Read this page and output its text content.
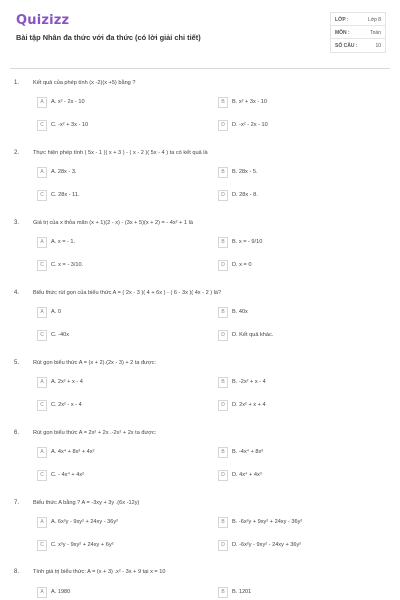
Quizizz
Bài tập Nhân đa thức với đa thức (có lời giải chi tiết)
LỚP :	Lớp 8
MÔN :	Toán
SỐ CÂU :	10
1. Kết quả của phép tính (x -2)(x +5) bằng ?
A	A. x² - 2x - 10	B	B. x² + 3x - 10
C	C. -x² + 3x - 10	D	D. -x² - 2x - 10
2. Thực hiện phép tính ( 5x - 1 )( x + 3 ) - ( x - 2 )( 5x - 4 ) ta có kết quả là
A	A. 28x - 3.	B	B. 28x - 5.
C	C. 28x - 11.	D	D. 28x - 8.
3. Giá trị của x thỏa mãn (x + 1)(2 - x) - (3x + 5)(x + 2) = - 4x² + 1 là
A	A. x = - 1.	B	B. x = - 9/10
C	C. x = - 3/10.	D	D. x = 0
4. Biểu thức rút gọn của biểu thức A = ( 2x - 3 )( 4 + 6x ) - ( 6 - 3x )( 4x - 2 ) là?
A	A. 0	B	B. 40x
C	C. -40x	D	D. Kết quả khác.
5. Rút gọn biểu thức A = (x + 2).(2x - 3) + 2 ta được:
A	A. 2x² + x - 4	B	B. -2x² + x - 4
C	C. 2x² - x - 4	D	D. 2x² + x + 4
6. Rút gọn biểu thức A = 2x² + 2x .-2x² + 2x ta được:
A	A. 4x⁴ + 8x³ + 4x²	B	B. -4x⁴ + 8x³
C	C. - 4x⁴ + 4x²	D	D. 4x⁴ + 4x³
7. Biểu thức A bằng ? A = -3xy + 3y .(6x -12y)
A	A. 6x²y - 9xy² + 24xy - 36y²	B	B. -6x²y + 9xy² + 24xy - 36y²
C	C. x²y - 9xy² + 24xy + 6y²	D	D. -6x²y - 9xy² - 24xy + 36y²
8. Tính giá trị biểu thức: A = (x + 3) .x² - 3x + 9 tại x = 10
A	A. 1980	B	B. 1201
